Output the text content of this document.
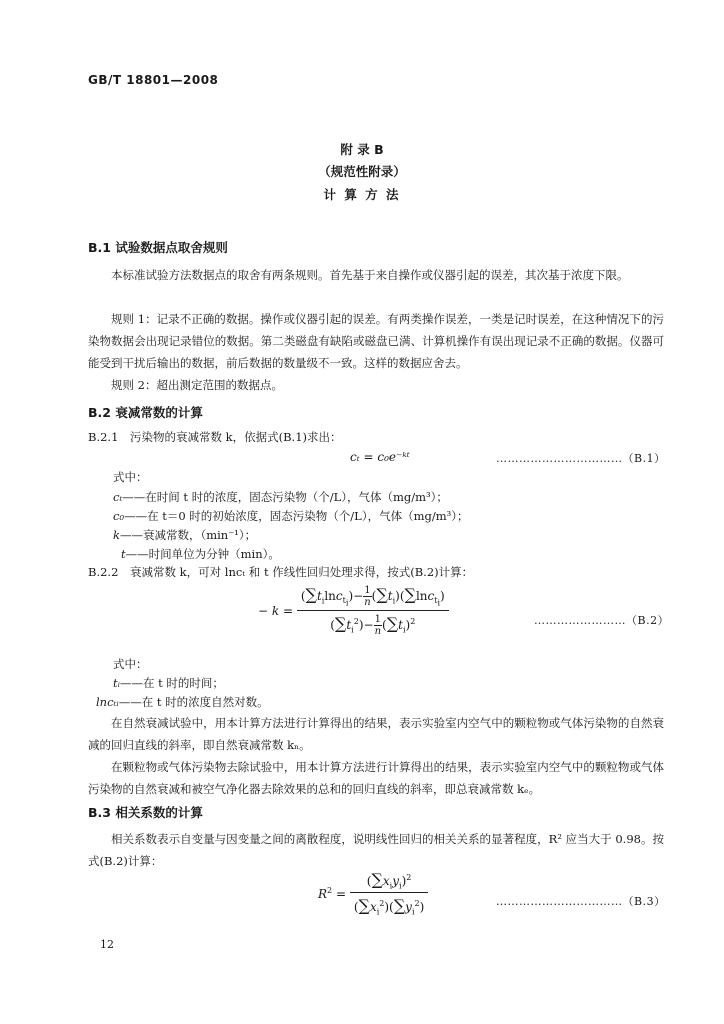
GB/T 18801—2008
附 录 B
（规范性附录）
计 算 方 法
B.1 试验数据点取舍规则
本标准试验方法数据点的取舍有两条规则。首先基于来自操作或仪器引起的误差，其次基于浓度下限。
规则 1：记录不正确的数据。操作或仪器引起的误差。有两类操作误差，一类是记时误差，在这种情况下的污染物数据会出现记录错位的数据。第二类磁盘有缺陷或磁盘已满、计算机操作有误出现记录不正确的数据。仪器可能受到干扰后输出的数据，前后数据的数量级不一致。这样的数据应舍去。
规则 2：超出测定范围的数据点。
B.2 衰减常数的计算
B.2.1 污染物的衰减常数 k，依据式(B.1)求出：
cₜ = c₀e⁻ᵏᵗ	……………………………（B.1）
式中：
cₜ——在时间 t 时的浓度，固态污染物（个/L），气体（mg/m³）；
c₀——在 t＝0 时的初始浓度，固态污染物（个/L），气体（mg/m³）；
k——衰减常数，（min⁻¹）；
t——时间单位为分钟（min）。
B.2.2 衰减常数 k，可对 lncₜ 和 t 作线性回归处理求得，按式(B.2)计算：
− $k = \frac{(\sum t_i\ln c_{t_i})- \frac{1}{n} (\sum t_i)(\sum\ln c_{t_i})}{(\sum t_i^2)- \frac{1}{n} (\sum t_i)^2}$	……………………（B.2）
式中：
tᵢ——在 t 时的时间；
lncₜᵢ——在 t 时的浓度自然对数。
在自然衰减试验中，用本计算方法进行计算得出的结果，表示实验室内空气中的颗粒物或气体污染物的自然衰减的回归直线的斜率，即自然衰减常数 kₙ。
在颗粒物或气体污染物去除试验中，用本计算方法进行计算得出的结果，表示实验室内空气中的颗粒物或气体污染物的自然衰减和被空气净化器去除效果的总和的回归直线的斜率，即总衰减常数 kₑ。
B.3 相关系数的计算
相关系数表示自变量与因变量之间的离散程度，说明线性回归的相关关系的显著程度，R² 应当大于 0.98。按式(B.2)计算：
$R^2 = \frac{(\sum x_iy_i)^2}{(\sum x_i^2)(\sum y_i^2)}$	……………………………（B.3）
12
